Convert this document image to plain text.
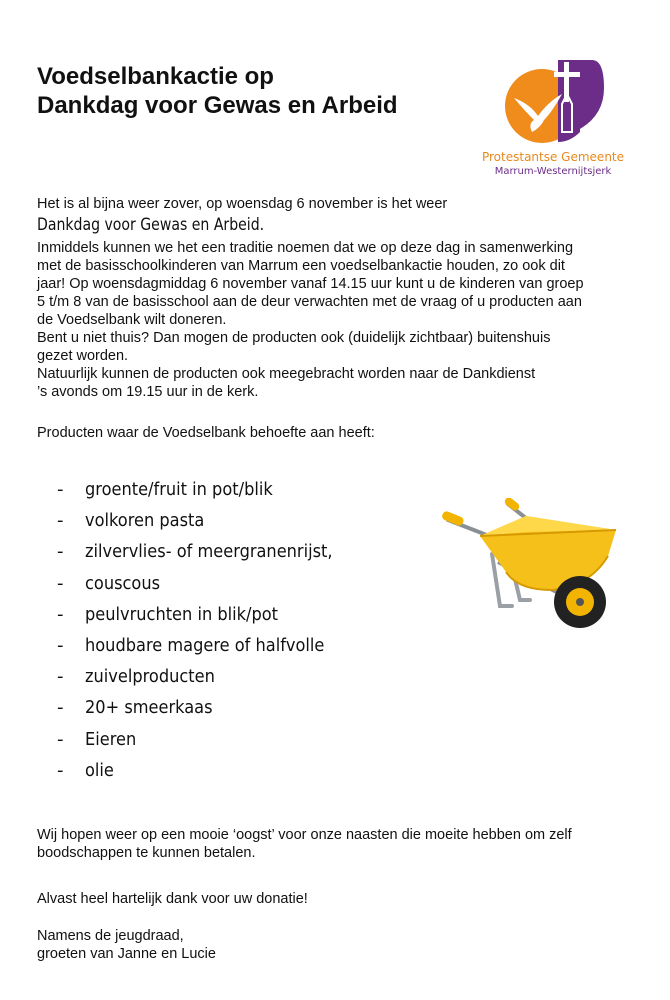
Voedselbankactie op
Dankdag voor Gewas en Arbeid
Protestantse Gemeente
Marrum-Westernijtsjerk
Het is al bijna weer zover, op woensdag 6 november is het weer
Dankdag voor Gewas en Arbeid.

Inmiddels kunnen we het een traditie noemen dat we op deze dag in samenwerking

met de basisschoolkinderen van Marrum een voedselbankactie houden, zo ook dit

jaar! Op woensdagmiddag 6 november vanaf 14.15 uur kunt u de kinderen van groep

5 t/m 8 van de basisschool aan de deur verwachten met de vraag of u producten aan

de Voedselbank wilt doneren.

Bent u niet thuis? Dan mogen de producten ook (duidelijk zichtbaar) buitenshuis

gezet worden.

Natuurlijk kunnen de producten ook meegebracht worden naar de Dankdienst

’s avonds om 19.15 uur in de kerk.

Producten waar de Voedselbank behoefte aan heeft:
- groente/fruit in pot/blik
- volkoren pasta
- zilvervlies- of meergranenrijst,
- couscous
- peulvruchten in blik/pot
- houdbare magere of halfvolle
- zuivelproducten
- 20+ smeerkaas
- Eieren
- olie

Wij hopen weer op een mooie ‘oogst’ voor onze naasten die moeite hebben om zelf
boodschappen te kunnen betalen.

Alvast heel hartelijk dank voor uw donatie!
Namens de jeugdraad,
groeten van Janne en Lucie
